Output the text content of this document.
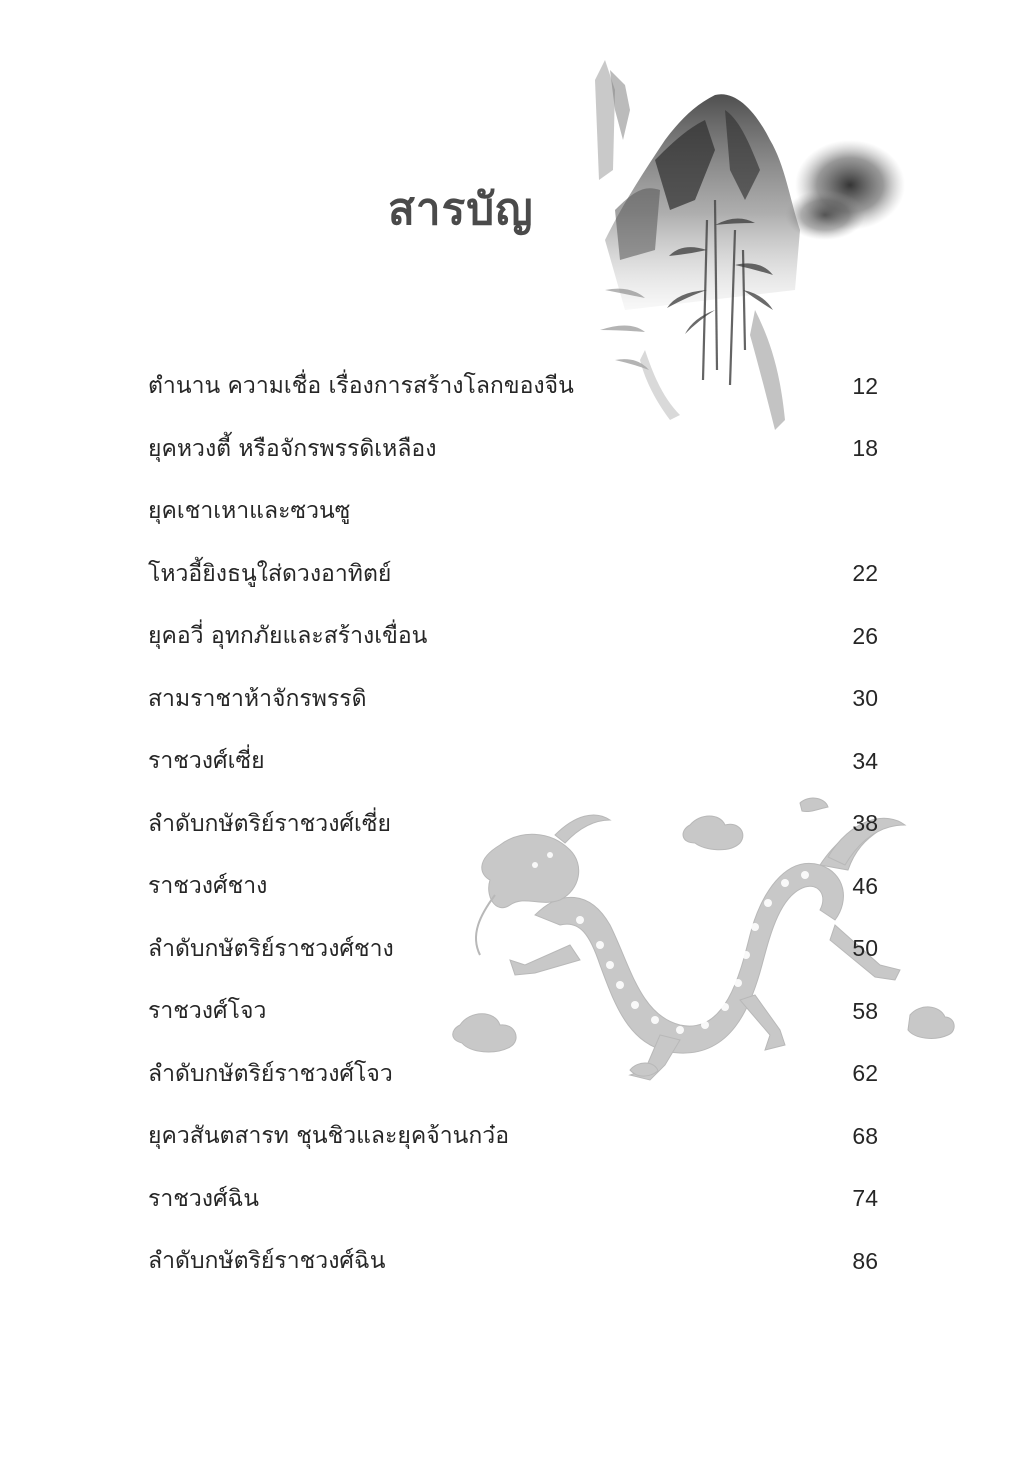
สารบัญ
ตำนาน ความเชื่อ เรื่องการสร้างโลกของจีน	12
ยุคหวงตี้ หรือจักรพรรดิเหลือง	18
ยุคเชาเหาและซวนซู
โหวอี้ยิงธนูใส่ดวงอาทิตย์	22
ยุคอวี่ อุทกภัยและสร้างเขื่อน	26
สามราชาห้าจักรพรรดิ	30
ราชวงศ์เซี่ย	34
ลำดับกษัตริย์ราชวงศ์เซี่ย	38
ราชวงศ์ชาง	46
ลำดับกษัตริย์ราชวงศ์ชาง	50
ราชวงศ์โจว	58
ลำดับกษัตริย์ราชวงศ์โจว	62
ยุควสันตสารท ชุนชิวและยุคจ้านกว๋อ	68
ราชวงศ์ฉิน	74
ลำดับกษัตริย์ราชวงศ์ฉิน	86
